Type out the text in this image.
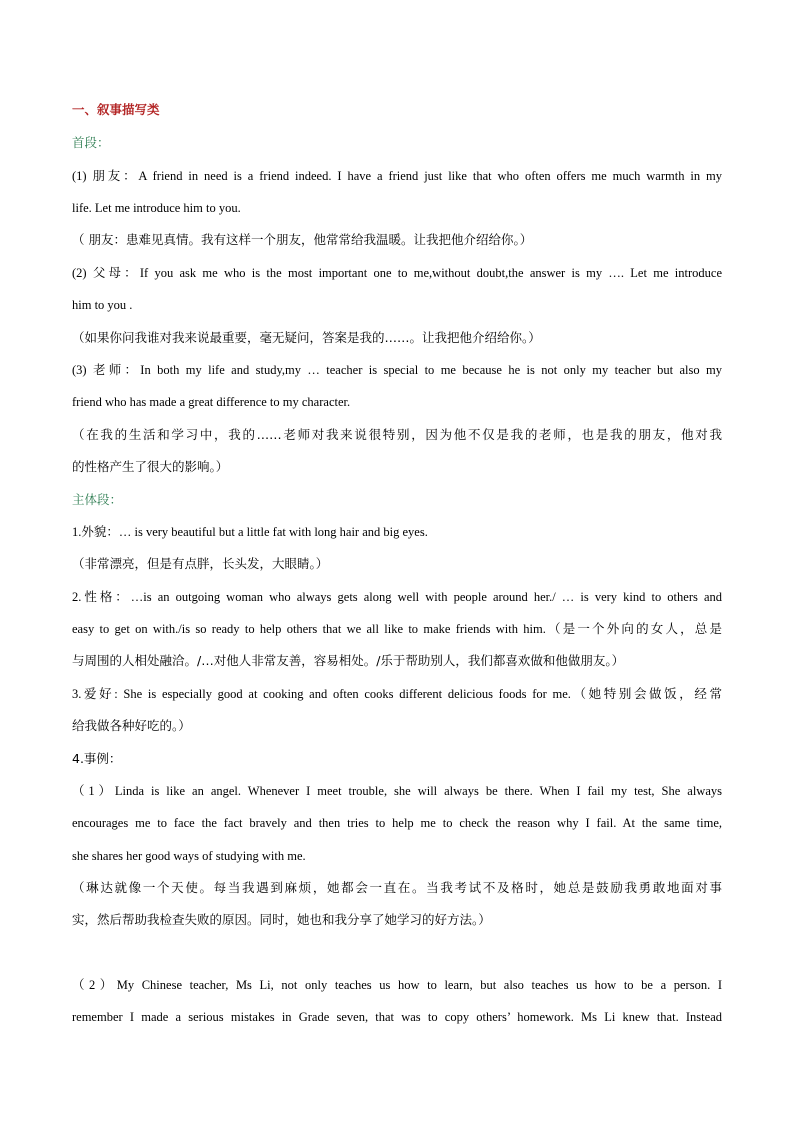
一、叙事描写类
首段：
(1) 朋友：A friend in need is a friend indeed. I have a friend just like that who often offers me much warmth in my
life. Let me introduce him to you.
（ 朋友：患难见真情。我有这样一个朋友，他常常给我温暖。让我把他介绍给你。）
(2) 父母：If you ask me who is the most important one to me,without doubt,the answer is my …. Let me introduce
him to you .
（如果你问我谁对我来说最重要，毫无疑问，答案是我的……。让我把他介绍给你。）
(3) 老师：In both my life and study,my … teacher is special to me because he is not only my teacher but also my
friend who has made a great difference to my character.
（在我的生活和学习中，我的……老师对我来说很特别，因为他不仅是我的老师，也是我的朋友，他对我
的性格产生了很大的影响。）
主体段：
1.外貌：… is very beautiful but a little fat with long hair and big eyes.
（非常漂亮，但是有点胖，长头发，大眼睛。）
2.性格：…is an outgoing woman who always gets along well with people around her./ … is very kind to others and
easy to get on with./is so ready to help others that we all like to make friends with him.（是一个外向的女人，总是
与周围的人相处融洽。/…对他人非常友善，容易相处。/乐于帮助别人，我们都喜欢做和他做朋友。）
3.爱好: She is especially good at cooking and often cooks different delicious foods for me.（她特别会做饭，经常
给我做各种好吃的。）
4.事例：
（1）Linda is like an angel. Whenever I meet trouble, she will always be there. When I fail my test, She always
encourages me to face the fact bravely and then tries to help me to check the reason why I fail. At the same time,
she shares her good ways of studying with me.
（琳达就像一个天使。每当我遇到麻烦，她都会一直在。当我考试不及格时，她总是鼓励我勇敢地面对事
实，然后帮助我检查失败的原因。同时，她也和我分享了她学习的好方法。）
（2）My Chinese teacher, Ms Li, not only teaches us how to learn, but also teaches us how to be a person. I
remember I made a serious mistakes in Grade seven, that was to copy others’ homework. Ms Li knew that. Instead
